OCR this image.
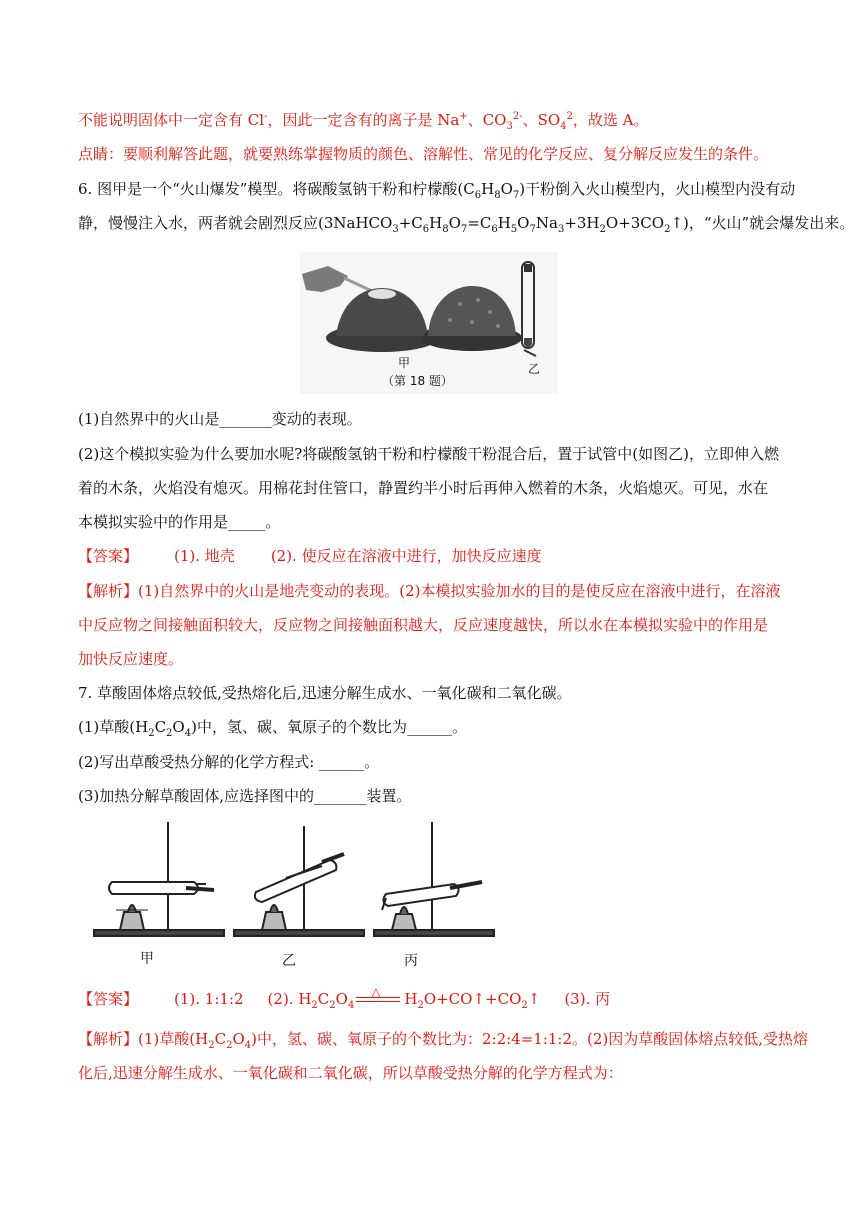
不能说明固体中一定含有 Cl-，因此一定含有的离子是 Na+、$CO_3^{2-}$、$SO_4^2$，故选 A。
点睛：要顺利解答此题，就要熟练掌握物质的颜色、溶解性、常见的化学反应、复分解反应发生的条件。
6. 图甲是一个“火山爆发”模型。将碳酸氢钠干粉和柠檬酸$(C_6H_8O_7)$干粉倒入火山模型内，火山模型内没有动
静，慢慢注入水，两者就会剧烈反应$(3NaHCO_3+C_6H_8O_7=C_6H_5O_7Na_3+3H_2O+3CO_2↑)$，“火山”就会爆发出来。
甲	乙
（第 18 题）
(1)自然界中的火山是_______变动的表现。
(2)这个模拟实验为什么要加水呢?将碳酸氢钠干粉和柠檬酸干粉混合后，置于试管中(如图乙)，立即伸入燃
着的木条，火焰没有熄灭。用棉花封住管口，静置约半小时后再伸入燃着的木条，火焰熄灭。可见，水在
本模拟实验中的作用是_____。
【答案】 (1). 地壳 (2). 使反应在溶液中进行，加快反应速度
【解析】(1)自然界中的火山是地壳变动的表现。(2)本模拟实验加水的目的是使反应在溶液中进行，在溶液
中反应物之间接触面积较大，反应物之间接触面积越大，反应速度越快，所以水在本模拟实验中的作用是
加快反应速度。
7. 草酸固体熔点较低,受热熔化后,迅速分解生成水、一氧化碳和二氧化碳。
(1)草酸$(H_2C_2O_4)$中，氢、碳、氧原子的个数比为______。
(2)写出草酸受热分解的化学方程式: ______。
(3)加热分解草酸固体,应选择图中的_______装置。
甲	乙	丙
【答案】 (1). 1:1:2 (2). $H_2C_2O_4$
△ $H_2O+CO↑+CO_2↑$ (3). 丙
【解析】(1)草酸$(H_2C_2O_4)$中，氢、碳、氧原子的个数比为：2:2:4=1:1:2。(2)因为草酸固体熔点较低,受热熔
化后,迅速分解生成水、一氧化碳和二氧化碳，所以草酸受热分解的化学方程式为：
